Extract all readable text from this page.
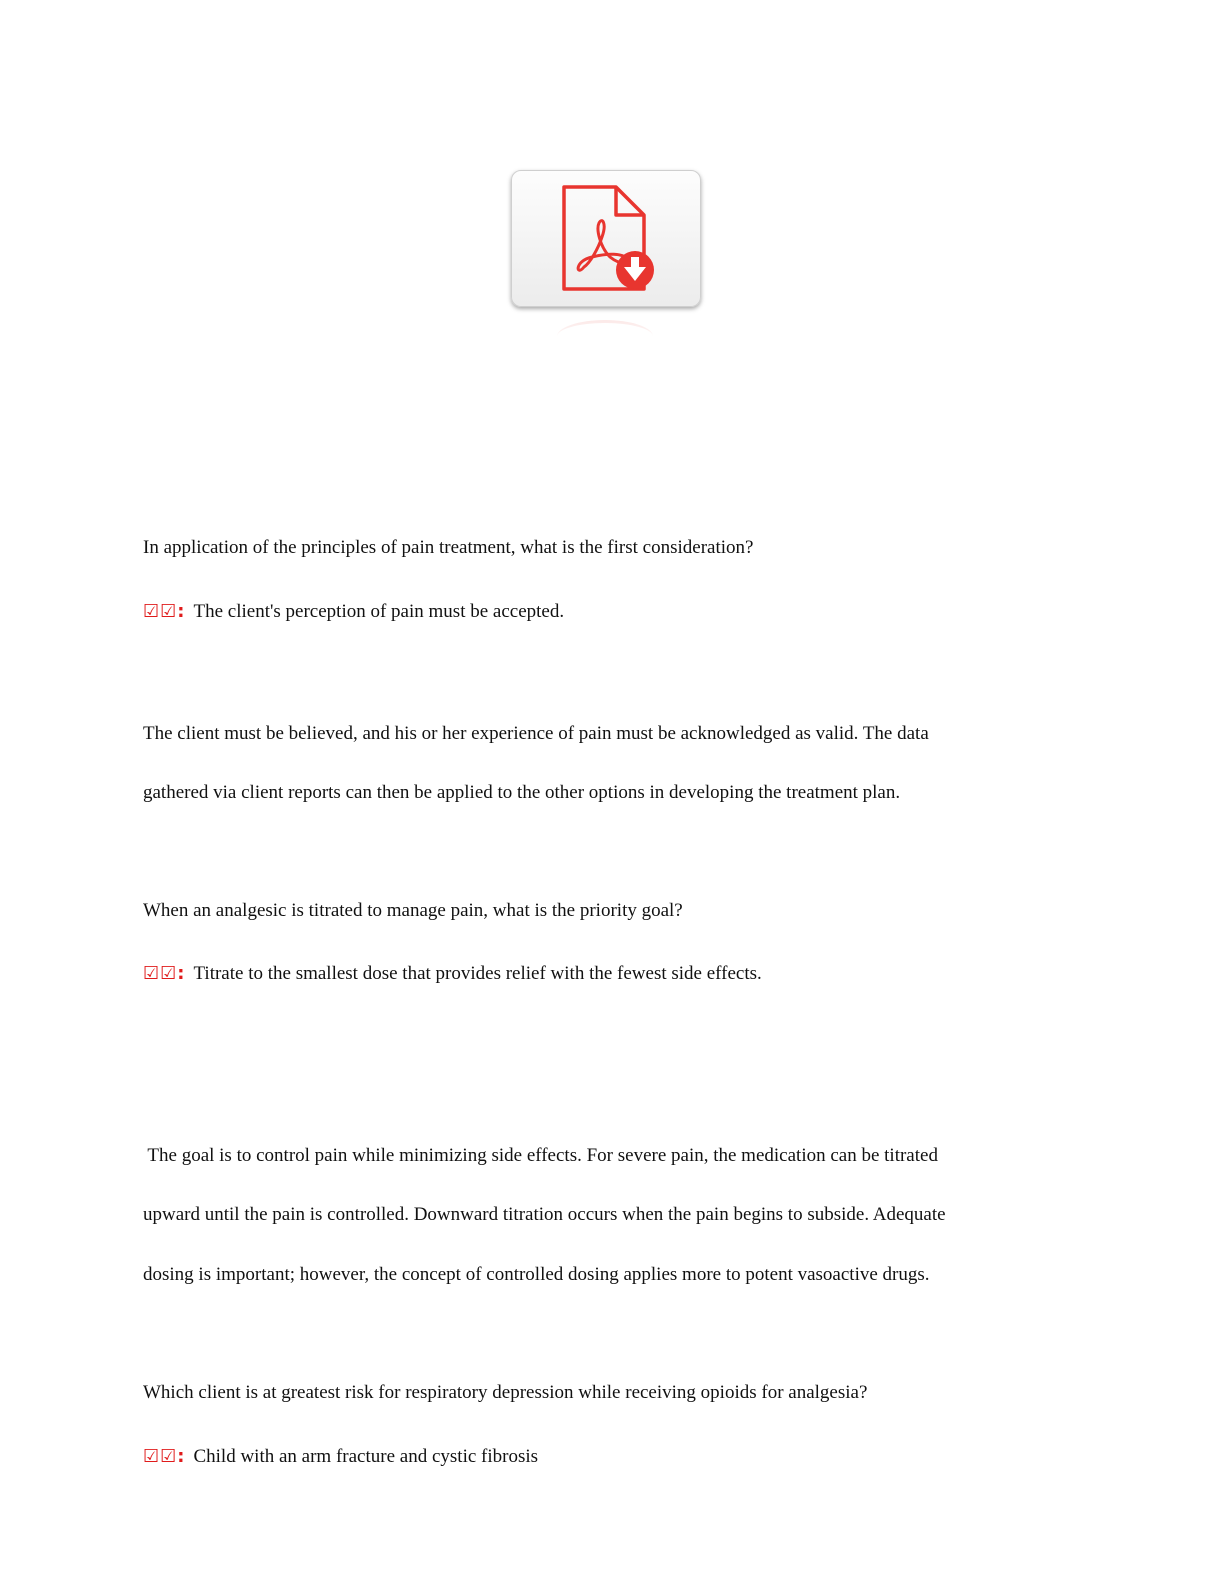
In application of the principles of pain treatment, what is the first consideration?
☑☑: The client's perception of pain must be accepted.
The client must be believed, and his or her experience of pain must be acknowledged as valid. The data
gathered via client reports can then be applied to the other options in developing the treatment plan.
When an analgesic is titrated to manage pain, what is the priority goal?
☑☑: Titrate to the smallest dose that provides relief with the fewest side effects.
The goal is to control pain while minimizing side effects. For severe pain, the medication can be titrated
upward until the pain is controlled. Downward titration occurs when the pain begins to subside. Adequate
dosing is important; however, the concept of controlled dosing applies more to potent vasoactive drugs.
Which client is at greatest risk for respiratory depression while receiving opioids for analgesia?
☑☑: Child with an arm fracture and cystic fibrosis
